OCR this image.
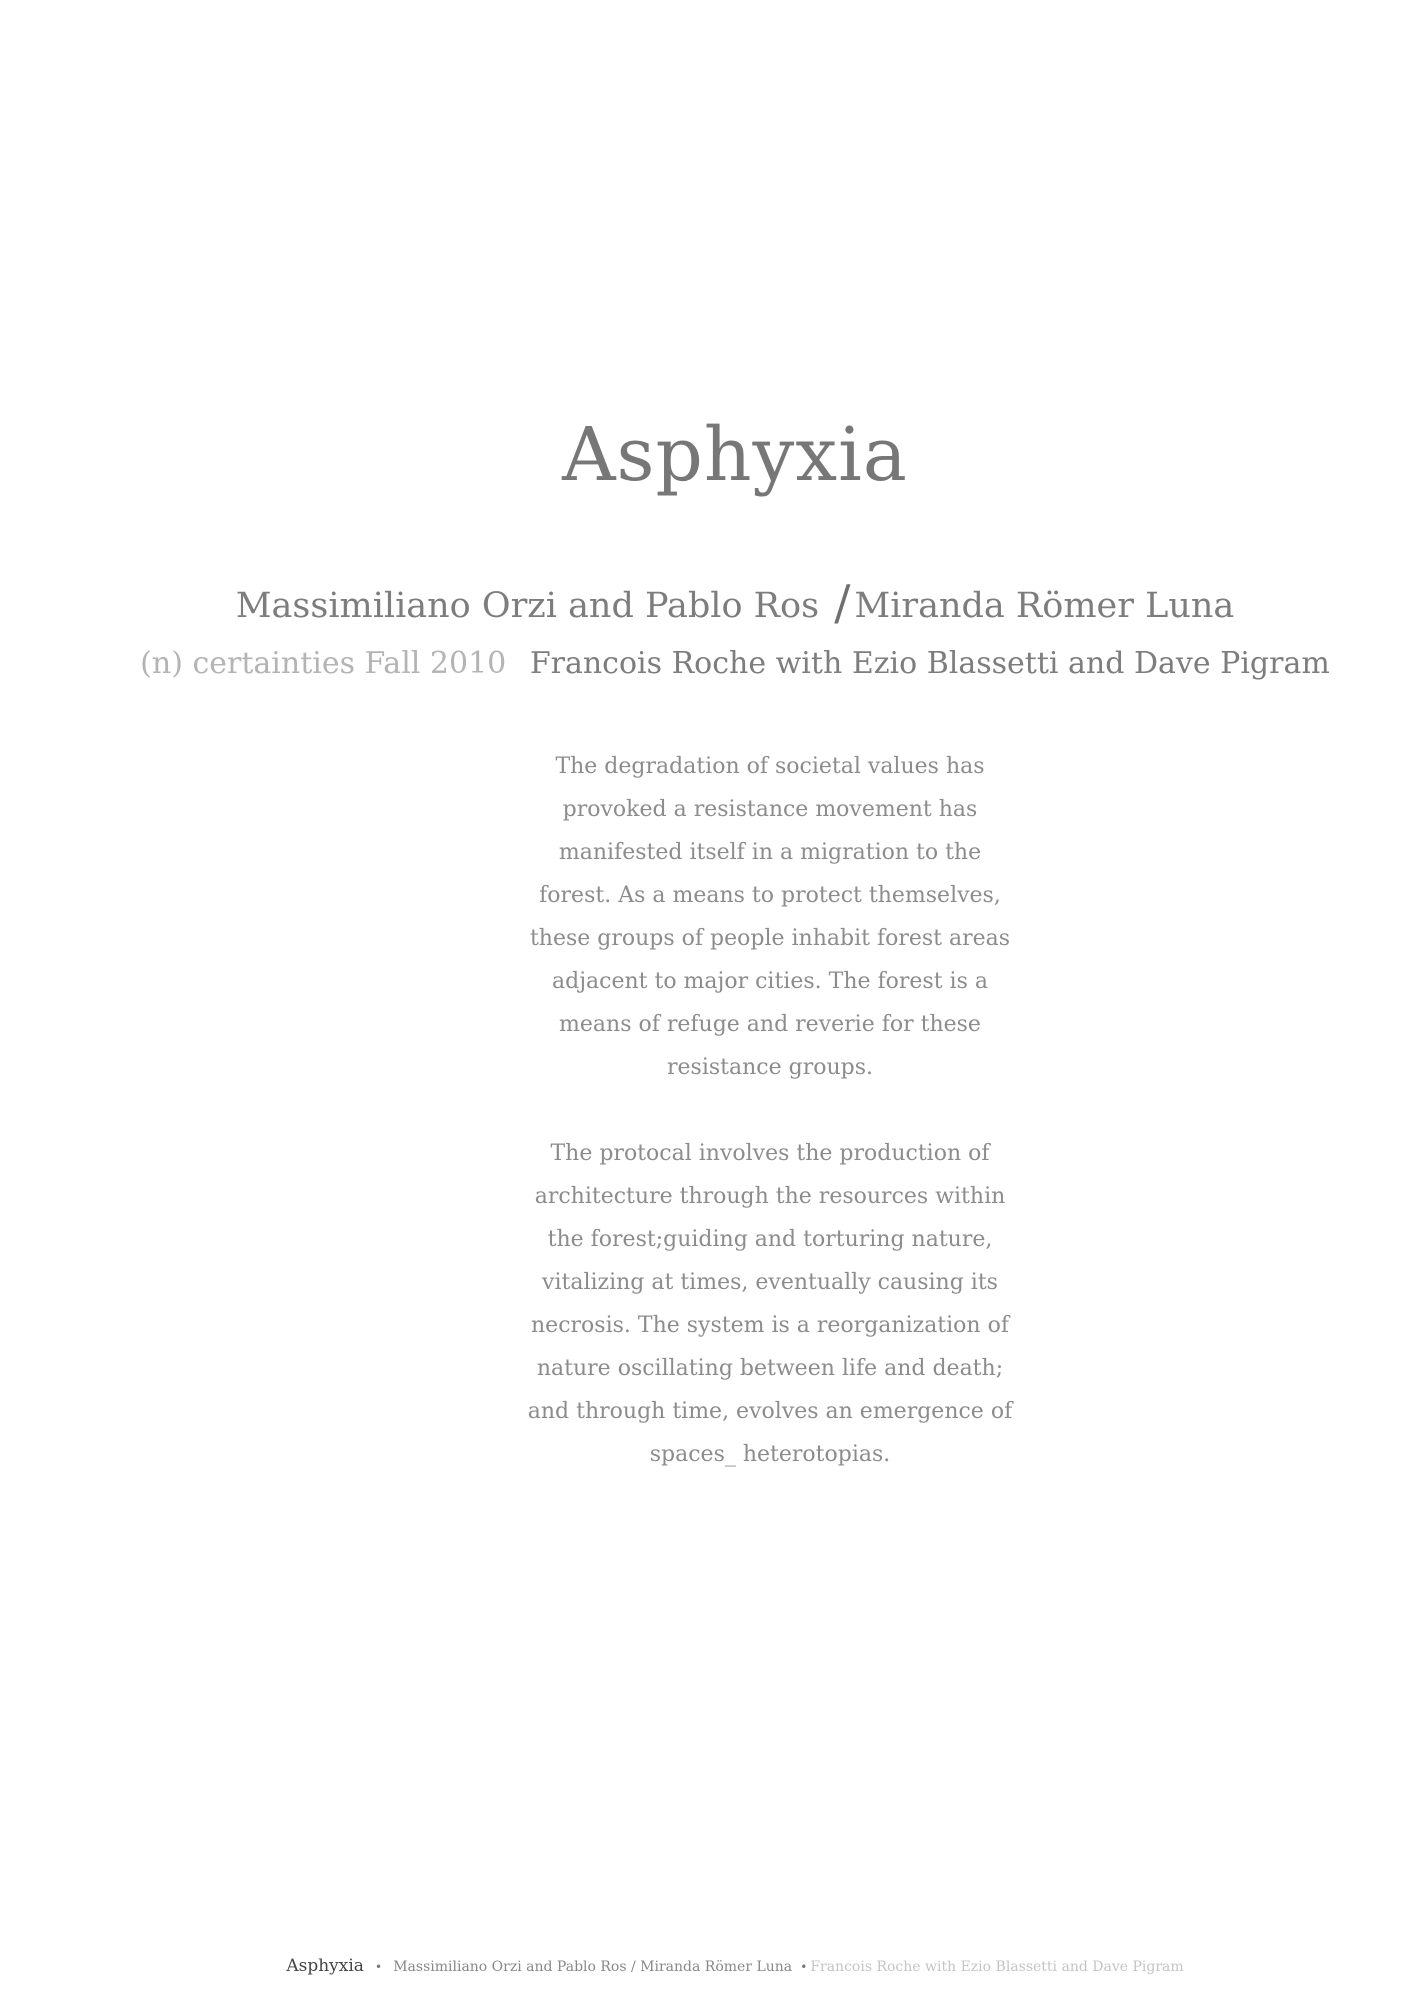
Asphyxia
Massimiliano Orzi and Pablo Ros / Miranda Römer Luna
(n) certainties Fall 2010 Francois Roche with Ezio Blassetti and Dave Pigram

The degradation of societal values has provoked a resistance movement has manifested itself in a migration to the forest. As a means to protect themselves, these groups of people inhabit forest areas adjacent to major cities. The forest is a means of refuge and reverie for these resistance groups.

The protocal involves the production of architecture through the resources within the forest;guiding and torturing nature, vitalizing at times, eventually causing its necrosis. The system is a reorganization of nature oscillating between life and death; and through time, evolves an emergence of spaces_ heterotopias.

Asphyxia • Massimiliano Orzi and Pablo Ros / Miranda Römer Luna • Francois Roche with Ezio Blassetti and Dave Pigram
